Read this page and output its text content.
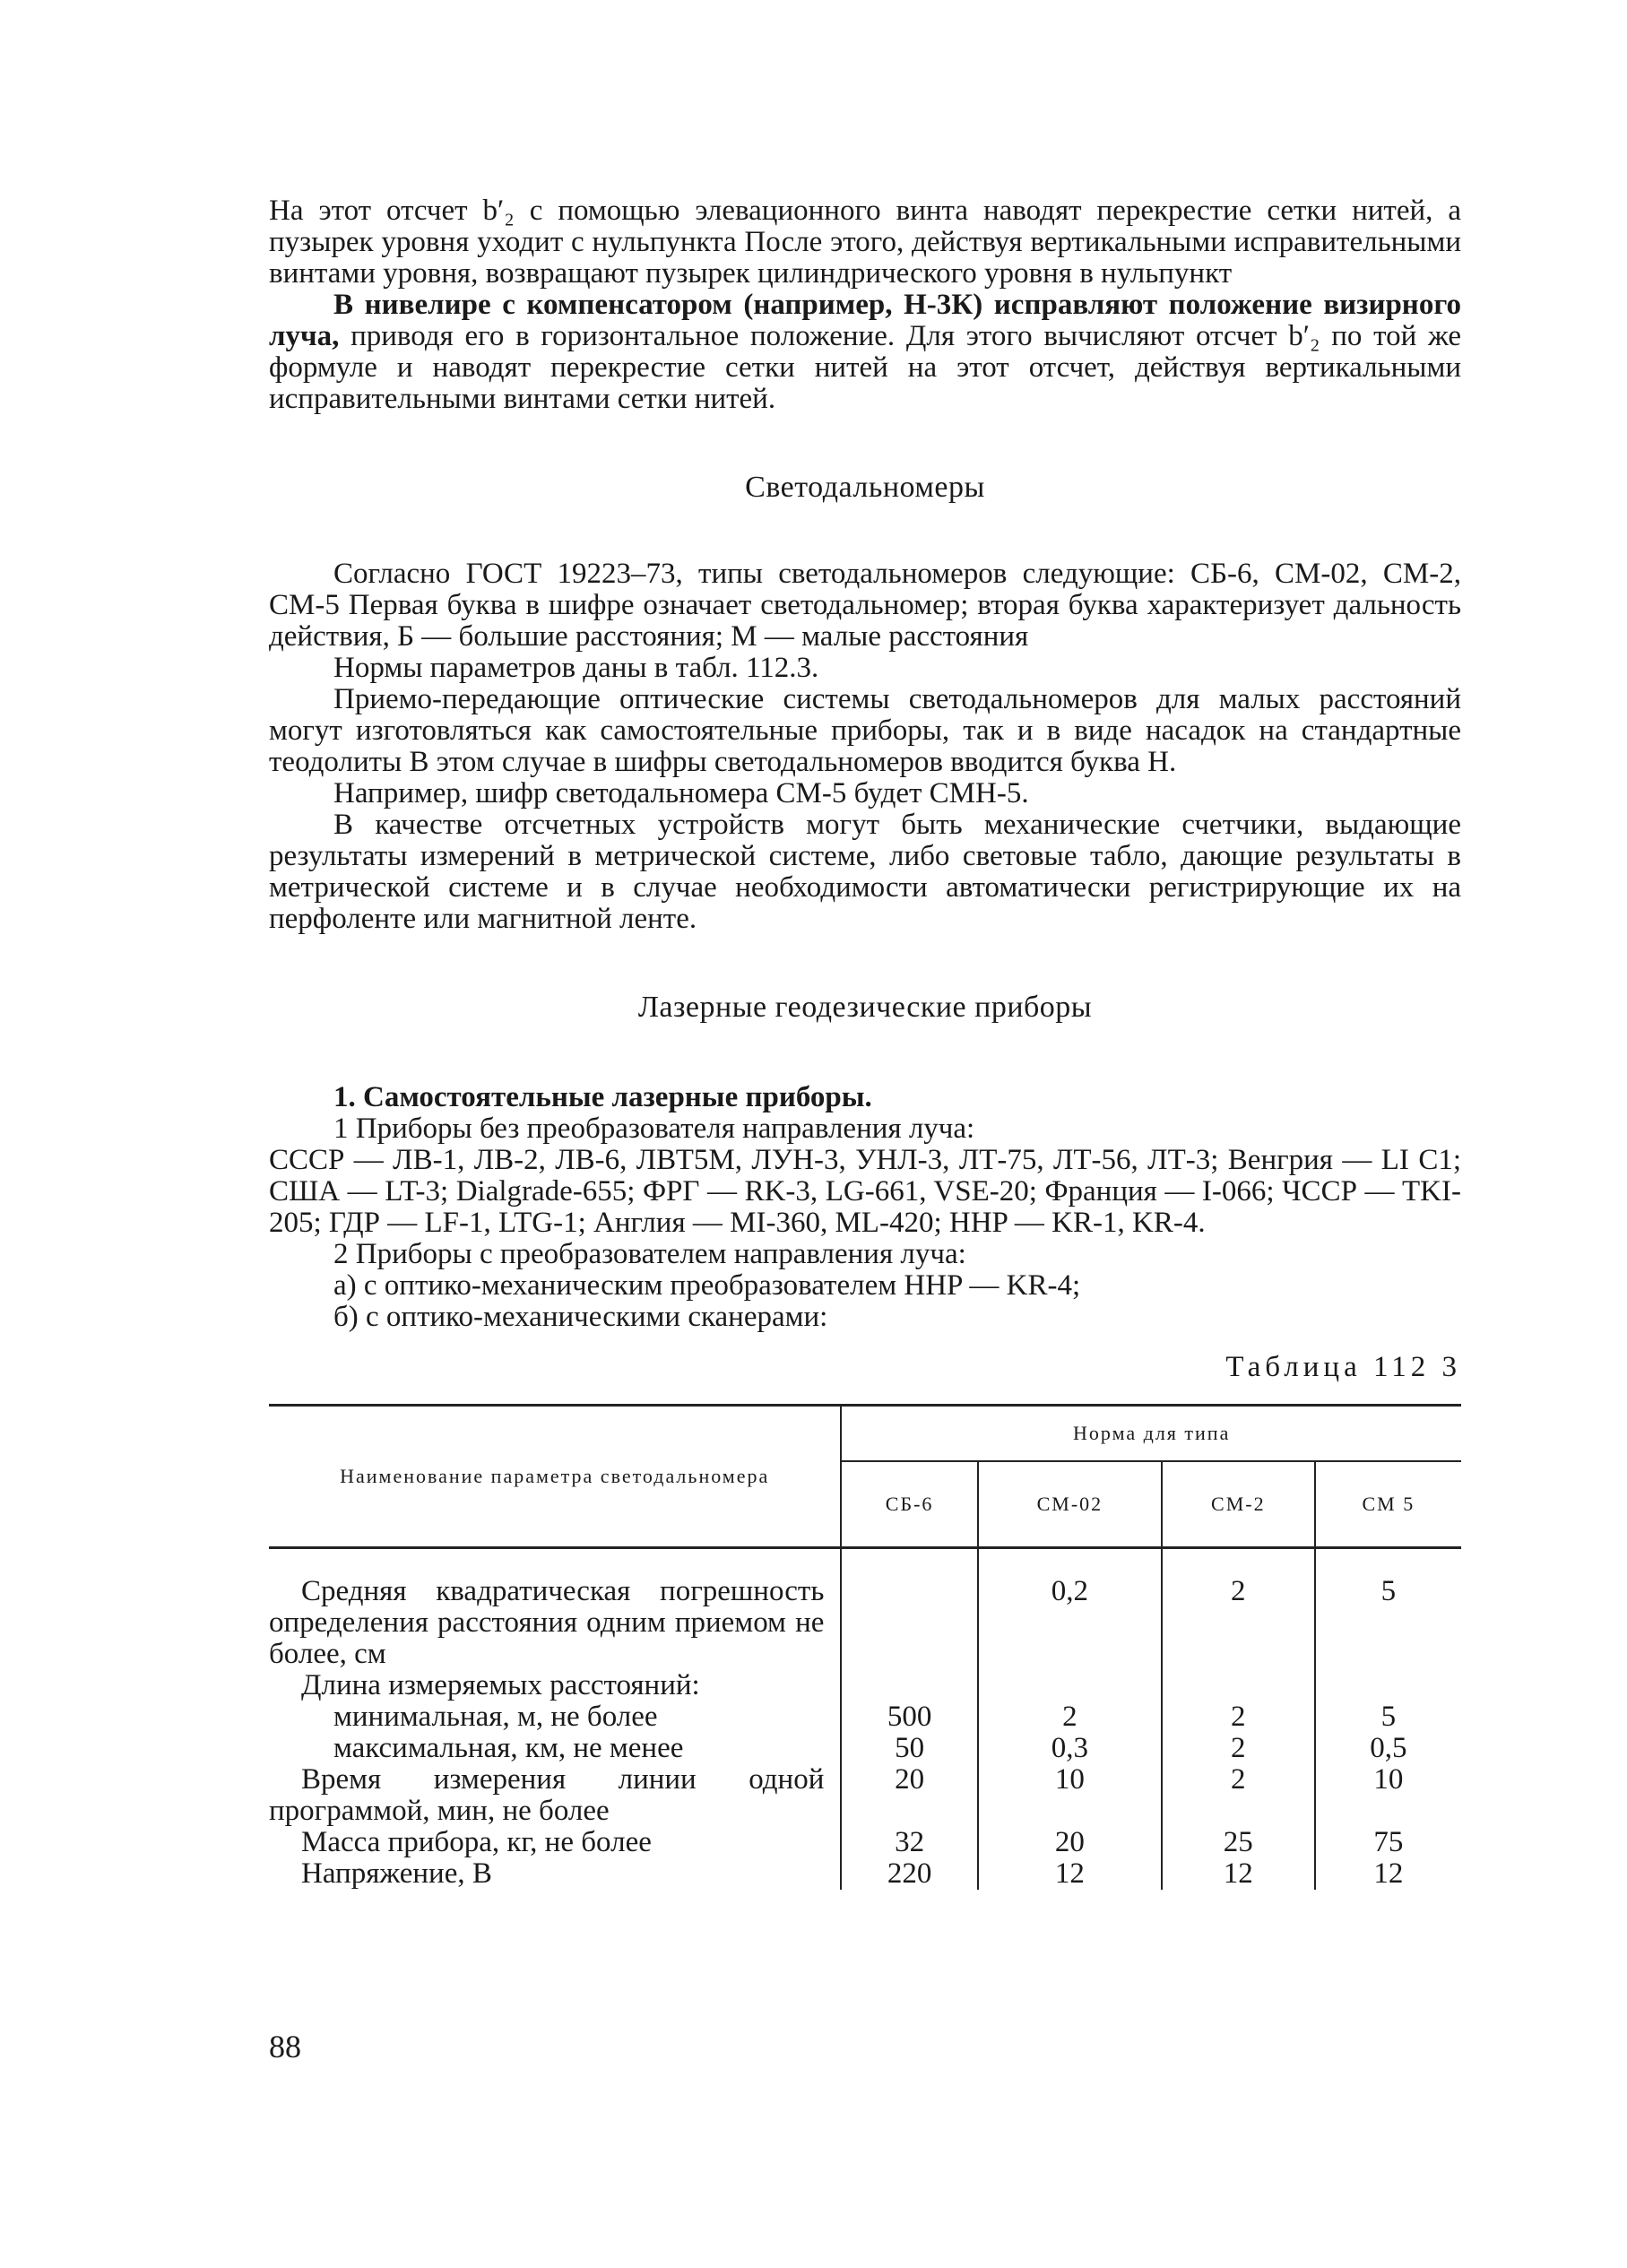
На этот отсчет b′₂ с помощью элевационного винта наводят перекрестие сетки нитей, а пузырек уровня уходит с нульпункта После этого, действуя вертикальными исправительными винтами уровня, возвращают пузырек цилиндрического уровня в нульпункт

В нивелире с компенсатором (например, Н-3К) исправляют положение визирного луча, приводя его в горизонтальное положение. Для этого вычисляют отсчет b′₂ по той же формуле и наводят перекрестие сетки нитей на этот отсчет, действуя вертикальными исправительными винтами сетки нитей.

Светодальномеры

Согласно ГОСТ 19223–73, типы светодальномеров следующие: СБ-6, СМ-02, СМ-2, СМ-5 Первая буква в шифре означает светодальномер; вторая буква характеризует дальность действия, Б — большие расстояния; М — малые расстояния

Нормы параметров даны в табл. 112.3.

Приемо-передающие оптические системы светодальномеров для малых расстояний могут изготовляться как самостоятельные приборы, так и в виде насадок на стандартные теодолиты В этом случае в шифры светодальномеров вводится буква Н.

Например, шифр светодальномера СМ-5 будет СМН-5.

В качестве отсчетных устройств могут быть механические счетчики, выдающие результаты измерений в метрической системе, либо световые табло, дающие результаты в метрической системе и в случае необходимости автоматически регистрирующие их на перфоленте или магнитной ленте.

Лазерные геодезические приборы

1. Самостоятельные лазерные приборы.

1 Приборы без преобразователя направления луча:

СССР — ЛВ-1, ЛВ-2, ЛВ-6, ЛВТ5М, ЛУН-3, УНЛ-3, ЛТ-75, ЛТ-56, ЛТ-3; Венгрия — LI C1; США — LT-3; Dialgrade-655; ФРГ — RK-3, LG-661, VSE-20; Франция — I-066; ЧССР — TKI-205; ГДР — LF-1, LTG-1; Англия — MI-360, ML-420; НHP — KR-1, KR-4.

2 Приборы с преобразователем направления луча:

а) с оптико-механическим преобразователем НHP — KR-4;

б) с оптико-механическими сканерами:

Таблица 112 3
Наименование параметра светодальномера	Норма для типа			
	СБ-6	СМ-02	СМ-2	СМ 5

Средняя квадратическая погрешность определения расстояния одним приемом не более, см		0,2	2	5
Длина измеряемых расстояний:				
минимальная, м, не более	500	2	2	5
максимальная, км, не менее	50	0,3	2	0,5
Время измерения линии одной программой, мин, не более	20	10	2	10
Масса прибора, кг, не более	32	20	25	75
Напряжение, В	220	12	12	12
88
